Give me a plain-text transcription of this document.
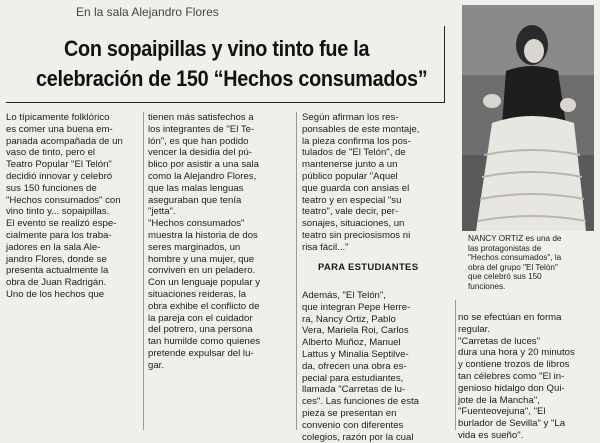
En la sala Alejandro Flores
Con sopaipillas y vino tinto fue la
celebración de 150 “Hechos consumados”
Lo típicamente folklórico
es comer una buena em-
panada acompañada de un
vaso de tinto, pero el
Teatro Popular "El Telón"
decidió innovar y celebró
sus 150 funciones de
"Hechos consumados" con
vino tinto y... sopaipillas.
El evento se realizó espe-
cialmente para los traba-
jadores en la sala Ale-
jandro Flores, donde se
presenta actualmente la
obra de Juan Radrigán.
Uno de los hechos que
tienen más satisfechos a
los integrantes de "El Te-
lón", es que han podido
vencer la desidia del pú-
blico por asistir a una sala
como la Alejandro Flores,
que las malas lenguas
aseguraban que tenía
"jetta".
"Hechos consumados"
muestra la historia de dos
seres marginados, un
hombre y una mujer, que
conviven en un peladero.
Con un lenguaje popular y
situaciones reideras, la
obra exhibe el conflicto de
la pareja con el cuidador
del potrero, una persona
tan humilde como quienes
pretende expulsar del lu-
gar.
Según afirman los res-
ponsables de este montaje,
la pieza confirma los pos-
tulados de "El Telón", de
mantenerse junto a un
público popular "Aquel
que guarda con ansias el
teatro y en especial "su
teatro", vale decir, per-
sonajes, situaciones, un
teatro sin preciosismos ni
risa fácil..."
PARA ESTUDIANTES
Además, "El Telón",
que integran Pepe Herre-
ra, Nancy Ortiz, Pablo
Vera, Mariela Roi, Carlos
Alberto Muñoz, Manuel
Lattus y Minalia Septilve-
da, ofrecen una obra es-
pecial para estudiantes,
llamada "Carretas de lu-
ces". Las funciones de esta
pieza se presentan en
convenio con diferentes
colegios, razón por la cual
no se efectúan en forma
regular.
"Carretas de luces"
dura una hora y 20 minutos
y contiene trozos de libros
tan célebres como "El in-
genioso hidalgo don Qui-
jote de la Mancha",
"Fuenteovejuna", "El
burlador de Sevilla" y "La
vida es sueño".
NANCY ORTIZ es una de
las protagonistas de
"Hechos consumados", la
obra del grupo "El Telón"
que celebró sus 150
funciones.
